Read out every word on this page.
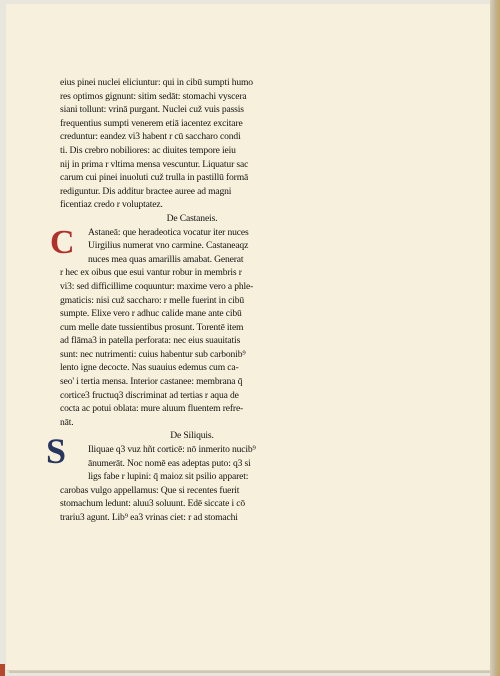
C
S
eius pinei nuclei eliciuntur: qui in cibū sumpti humo
res optimos gignunt: sitim sedāt: stomachi vyscera
siani tollunt: vrinā purgant. Nuclei cuž vuis passis
frequentius sumpti venerem etiā iacentez excitare
creduntur: eandez vi3 habent r cū saccharo condi
ti. Dis crebro nobiliores: ac diuites tempore ieiu
nij in prima r vltima mensa vescuntur. Liquatur sac
carum cui pinei inuoluti cuž trulla in pastillū formā
rediguntur. Dis additur bractee auree ad magni
ficentiaz credo r voluptatez.
De Castaneis.
Astaneā: que heradeotica vocatur iter nuces
Uirgilius numerat vno carmine. Castaneaqz
nuces mea quas amarillis amabat. Generat
r hec ex oibus que esui vantur robur in membris r
vi3: sed difficillime coquuntur: maxime vero a phle-
gmaticis: nisi cuž saccharo: r melle fuerint in cibū
sumpte. Elixe vero r adhuc calide mane ante cibū
cum melle date tussientibus prosunt. Torentē item
ad flāma3 in patella perforata: nec eius suauitatis
sunt: nec nutrimenti: cuius habentur sub carbonib⁹
lento igne decocte. Nas suauius edemus cum ca-
seo' i tertia mensa. Interior castanee: membrana q̄
cortice3 fructuq3 discriminat ad tertias r aqua de
cocta ac potui oblata: mure aluum fluentem refre-
nāt.
De Siliquis.
Iliquae q3 vuz hñt corticē: nō inmerito nucib⁹
ānumerāt. Noc nomē eas adeptas puto: q3 si
ligs fabe r lupini: q̄ maioz sit psilio apparet:
carobas vulgo appellamus: Que si recentes fuerit
stomachum ledunt: aluu3 soluunt. Edē siccate i cō
trariu3 agunt. Lib⁹ ea3 vrinas ciet: r ad stomachi
